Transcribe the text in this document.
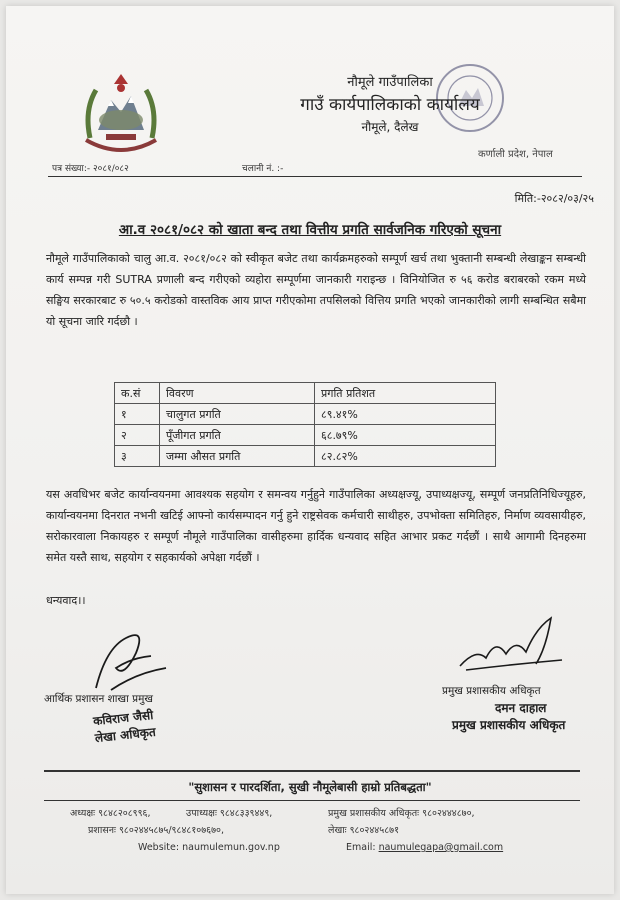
नौमूले गाउँपालिका
गाउँ कार्यपालिकाको कार्यालय
नौमूले, दैलेख
कर्णाली प्रदेश, नेपाल
पत्र संख्या:- २०८१/०८२	चलानी नं. :-
मिति:-२०८२/०३/२५
आ.व २०८१/०८२ को खाता बन्द तथा वित्तीय प्रगति सार्वजनिक गरिएको सूचना
नौमूले गाउँपालिकाको चालु आ.व. २०८१/०८२ को स्वीकृत बजेट तथा कार्यक्रमहरुको सम्पूर्ण खर्च तथा भुक्तानी सम्बन्धी लेखाङ्कन सम्बन्धी कार्य सम्पन्न गरी SUTRA प्रणाली बन्द गरीएको व्यहोरा सम्पूर्णमा जानकारी गराइन्छ । विनियोजित रु ५६ करोड बराबरको रकम मध्ये सङ्घिय सरकारबाट रु ५०.५ करोडको वास्तविक आय प्राप्त गरीएकोमा तपसिलको वित्तिय प्रगति भएको जानकारीको लागी सम्बन्धित सबैमा यो सूचना जारि गर्दछौ ।
क.सं	विवरण	प्रगति प्रतिशत
१	चालुगत प्रगति	८९.४१%
२	पूँजीगत प्रगति	६८.७९%
३	जम्मा औसत प्रगति	८२.८२%
यस अवधिभर बजेट कार्यान्वयनमा आवश्यक सहयोग र समन्वय गर्नुहुने गाउँपालिका अध्यक्षज्यू, उपाध्यक्षज्यू, सम्पूर्ण जनप्रतिनिधिज्यूहरु, कार्यान्वयनमा दिनरात नभनी खटिई आफ्नो कार्यसम्पादन गर्नु हुने राष्ट्रसेवक कर्मचारी साथीहरु, उपभोक्ता समितिहरु, निर्माण व्यवसायीहरु, सरोकारवाला निकायहरु र सम्पूर्ण नौमूले गाउँपालिका वासीहरुमा हार्दिक धन्यवाद सहित आभार प्रकट गर्दछौं । साथै आगामी दिनहरुमा समेत यस्तै साथ, सहयोग र सहकार्यको अपेक्षा गर्दछौं ।
धन्यवाद।।
आर्थिक प्रशासन शाखा प्रमुख
कविराज जैसी
लेखा अधिकृत
प्रमुख प्रशासकीय अधिकृत
दमन दाहाल
प्रमुख प्रशासकीय अधिकृत
"सुशासन र पारदर्शिता, सुखी नौमूलेबासी हाम्रो प्रतिबद्धता"
अध्यक्षः ९८४८२०८९९६,	उपाध्यक्षः ९८४८३३९४४९,	प्रमुख प्रशासकीय अधिकृतः ९८०२४४४८७०,
प्रशासनः ९८०२४४५८७५/९८४८१०७६७०,	लेखाः ९८०२४४५८७१
Website: naumulemun.gov.np	Email: naumulegapa@gmail.com
